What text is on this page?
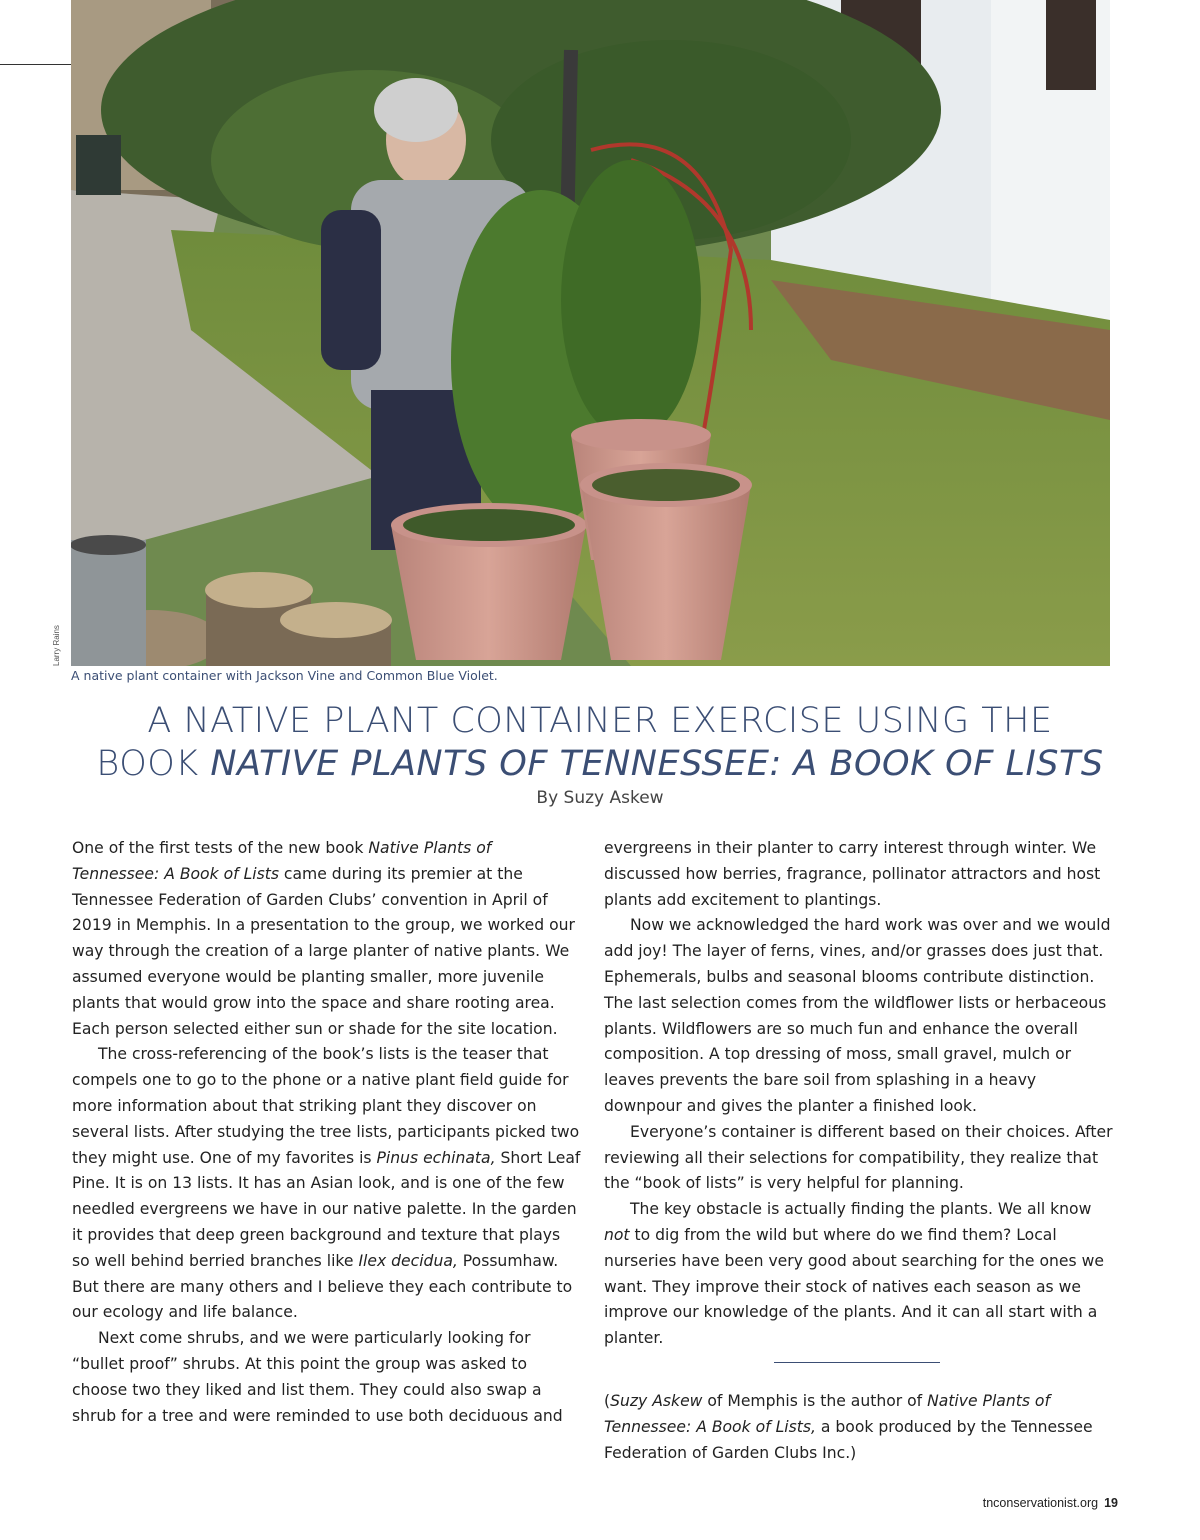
Larry Rains
A native plant container with Jackson Vine and Common Blue Violet.
A NATIVE PLANT CONTAINER EXERCISE USING THE
BOOK NATIVE PLANTS OF TENNESSEE: A BOOK OF LISTS
By Suzy Askew

One of the first tests of the new book Native Plants of Tennessee: A Book of Lists came during its premier at the Tennessee Federation of Garden Clubs’ convention in April of 2019 in Memphis. In a presentation to the group, we worked our way through the creation of a large planter of native plants. We assumed everyone would be planting smaller, more juvenile plants that would grow into the space and share rooting area. Each person selected either sun or shade for the site location.

The cross-referencing of the book’s lists is the teaser that compels one to go to the phone or a native plant field guide for more information about that striking plant they discover on several lists. After studying the tree lists, participants picked two they might use. One of my favorites is Pinus echinata, Short Leaf Pine. It is on 13 lists. It has an Asian look, and is one of the few needled evergreens we have in our native palette. In the garden it provides that deep green background and texture that plays so well behind berried branches like Ilex decidua, Possumhaw. But there are many others and I believe they each contribute to our ecology and life balance.

Next come shrubs, and we were particularly looking for “bullet proof” shrubs. At this point the group was asked to choose two they liked and list them. They could also swap a shrub for a tree and were reminded to use both deciduous and

evergreens in their planter to carry interest through winter. We discussed how berries, fragrance, pollinator attractors and host plants add excitement to plantings.

Now we acknowledged the hard work was over and we would add joy! The layer of ferns, vines, and/or grasses does just that. Ephemerals, bulbs and seasonal blooms contribute distinction. The last selection comes from the wildflower lists or herbaceous plants. Wildflowers are so much fun and enhance the overall composition. A top dressing of moss, small gravel, mulch or leaves prevents the bare soil from splashing in a heavy downpour and gives the planter a finished look.

Everyone’s container is different based on their choices. After reviewing all their selections for compatibility, they realize that the “book of lists” is very helpful for planning.

The key obstacle is actually finding the plants. We all know not to dig from the wild but where do we find them? Local nurseries have been very good about searching for the ones we want. They improve their stock of natives each season as we improve our knowledge of the plants. And it can all start with a planter.

(Suzy Askew of Memphis is the author of Native Plants of Tennessee: A Book of Lists, a book produced by the Tennessee Federation of Garden Clubs Inc.)

tnconservationist.org 19
